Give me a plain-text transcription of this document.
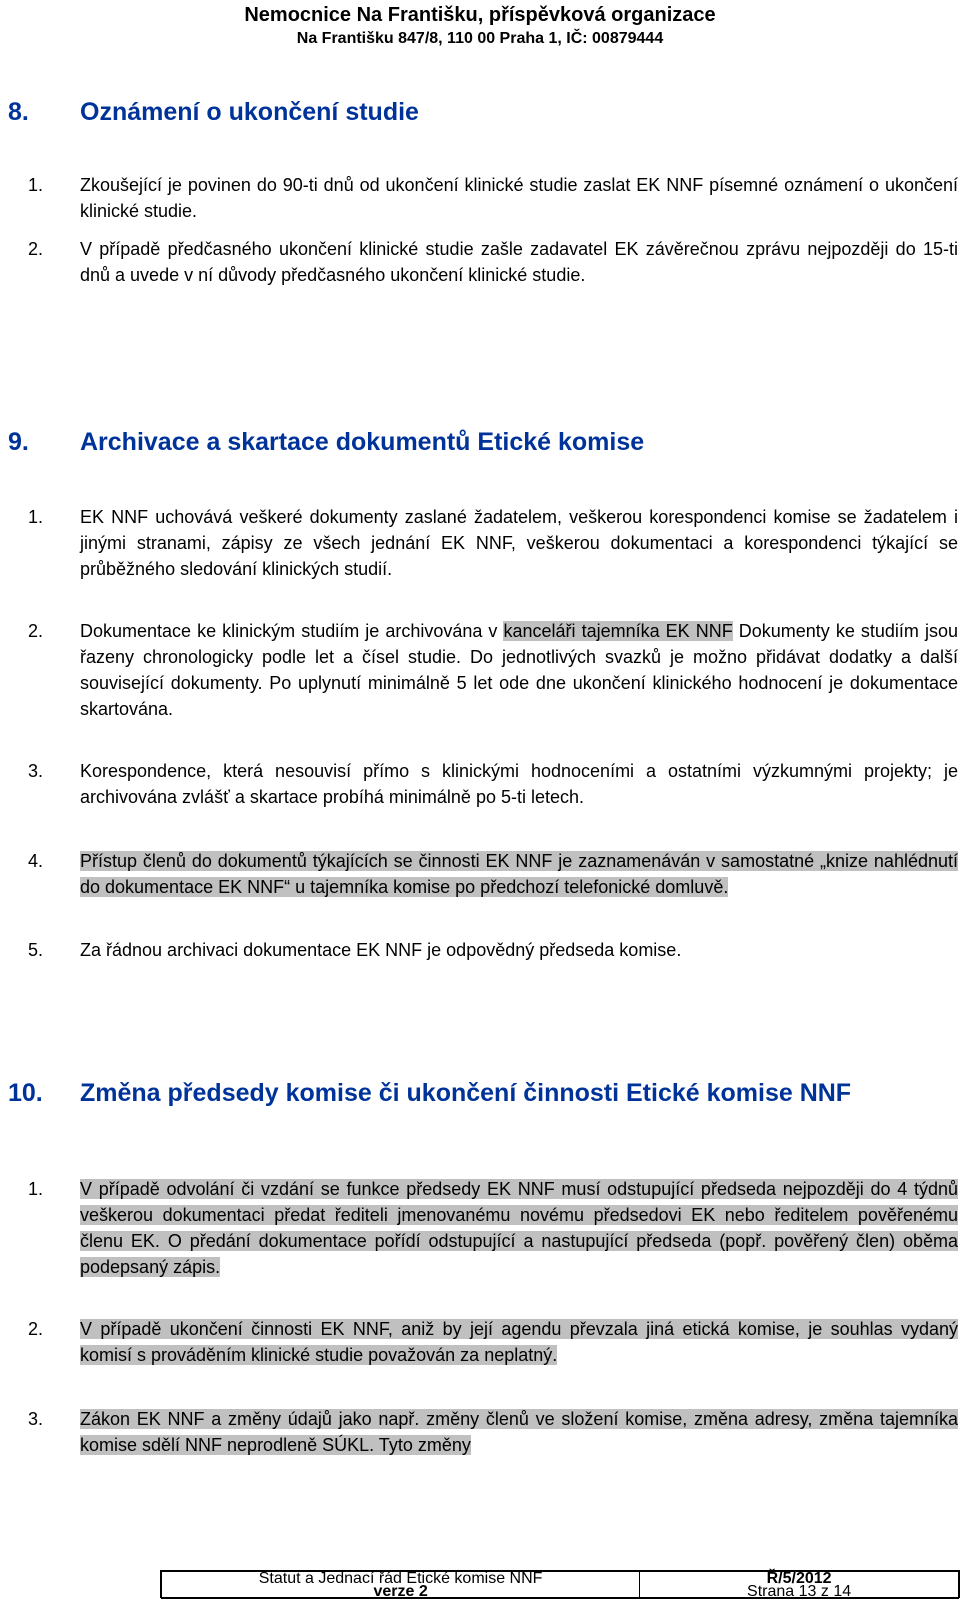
Nemocnice Na Františku, příspěvková organizace
Na Františku 847/8, 110 00 Praha 1, IČ: 00879444
8. Oznámení o ukončení studie
1. Zkoušející je povinen do 90-ti dnů od ukončení klinické studie zaslat EK NNF písemné oznámení o ukončení klinické studie.

2. V případě předčasného ukončení klinické studie zašle zadavatel EK závěrečnou zprávu nejpozději do 15-ti dnů a uvede v ní důvody předčasného ukončení klinické studie.

9. Archivace a skartace dokumentů Etické komise
1. EK NNF uchovává veškeré dokumenty zaslané žadatelem, veškerou korespondenci komise se žadatelem i jinými stranami, zápisy ze všech jednání EK NNF, veškerou dokumentaci a korespondenci týkající se průběžného sledování klinických studií.

2. Dokumentace ke klinickým studiím je archivována v kanceláři tajemníka EK NNF Dokumenty ke studiím jsou řazeny chronologicky podle let a čísel studie. Do jednotlivých svazků je možno přidávat dodatky a další související dokumenty. Po uplynutí minimálně 5 let ode dne ukončení klinického hodnocení je dokumentace skartována.

3. Korespondence, která nesouvisí přímo s klinickými hodnoceními a ostatními výzkumnými projekty; je archivována zvlášť a skartace probíhá minimálně po 5-ti letech.

4. Přístup členů do dokumentů týkajících se činnosti EK NNF je zaznamenáván v samostatné „knize nahlédnutí do dokumentace EK NNF“ u tajemníka komise po předchozí telefonické domluvě.

5. Za řádnou archivaci dokumentace EK NNF je odpovědný předseda komise.

10. Změna předsedy komise či ukončení činnosti Etické komise NNF
1. V případě odvolání či vzdání se funkce předsedy EK NNF musí odstupující předseda nejpozději do 4 týdnů veškerou dokumentaci předat řediteli jmenovanému novému předsedovi EK nebo ředitelem pověřenému členu EK. O předání dokumentace pořídí odstupující a nastupující předseda (popř. pověřený člen) oběma podepsaný zápis.

2. V případě ukončení činnosti EK NNF, aniž by její agendu převzala jiná etická komise, je souhlas vydaný komisí s prováděním klinické studie považován za neplatný.

3. Zákon EK NNF a změny údajů jako např. změny členů ve složení komise, změna adresy, změna tajemníka komise sdělí NNF neprodleně SÚKL. Tyto změny

Statut a Jednací řád Etické komise NNF
verze 2

Ř/5/2012
Strana 13 z 14
